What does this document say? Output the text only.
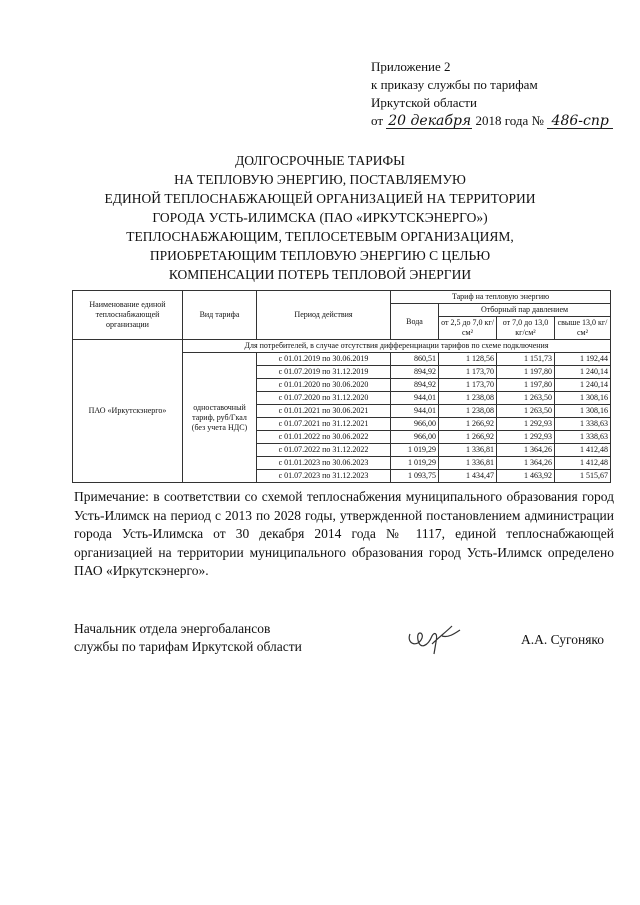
Приложение 2
к приказу службы по тарифам
Иркутской области
от 20 декабря 2018 года № 486-спр
ДОЛГОСРОЧНЫЕ ТАРИФЫ
НА ТЕПЛОВУЮ ЭНЕРГИЮ, ПОСТАВЛЯЕМУЮ
ЕДИНОЙ ТЕПЛОСНАБЖАЮЩЕЙ ОРГАНИЗАЦИЕЙ НА ТЕРРИТОРИИ
ГОРОДА УСТЬ-ИЛИМСКА (ПАО «ИРКУТСКЭНЕРГО»)
ТЕПЛОСНАБЖАЮЩИМ, ТЕПЛОСЕТЕВЫМ ОРГАНИЗАЦИЯМ,
ПРИОБРЕТАЮЩИМ ТЕПЛОВУЮ ЭНЕРГИЮ С ЦЕЛЬЮ
КОМПЕНСАЦИИ ПОТЕРЬ ТЕПЛОВОЙ ЭНЕРГИИ
Наименование единой теплоснабжающей организации	Вид тарифа	Период действия	Тариф на тепловую энергию			
			Вода	Отборный пар давлением		
				от 2,5 до 7,0 кг/см²	от 7,0 до 13,0 кг/см²	свыше 13,0 кг/см²
ПАО «Иркутскэнерго»	Для потребителей, в случае отсутствия дифференциации тарифов по схеме подключения					
	одноставочный тариф, руб/Гкал (без учета НДС)	с 01.01.2019 по 30.06.2019	860,51	1 128,56	1 151,73	1 192,44
		с 01.07.2019 по 31.12.2019	894,92	1 173,70	1 197,80	1 240,14
		с 01.01.2020 по 30.06.2020	894,92	1 173,70	1 197,80	1 240,14
		с 01.07.2020 по 31.12.2020	944,01	1 238,08	1 263,50	1 308,16
		с 01.01.2021 по 30.06.2021	944,01	1 238,08	1 263,50	1 308,16
		с 01.07.2021 по 31.12.2021	966,00	1 266,92	1 292,93	1 338,63
		с 01.01.2022 по 30.06.2022	966,00	1 266,92	1 292,93	1 338,63
		с 01.07.2022 по 31.12.2022	1 019,29	1 336,81	1 364,26	1 412,48
		с 01.01.2023 по 30.06.2023	1 019,29	1 336,81	1 364,26	1 412,48
		с 01.07.2023 по 31.12.2023	1 093,75	1 434,47	1 463,92	1 515,67
Примечание: в соответствии со схемой теплоснабжения муниципального образования город Усть-Илимск на период с 2013 по 2028 годы, утвержденной постановлением администрации города Усть-Илимска от 30 декабря 2014 года № 1117, единой теплоснабжающей организацией на территории муниципального образования город Усть-Илимск определено ПАО «Иркутскэнерго».
Начальник отдела энергобалансов
службы по тарифам Иркутской области	А.А. Сугоняко
